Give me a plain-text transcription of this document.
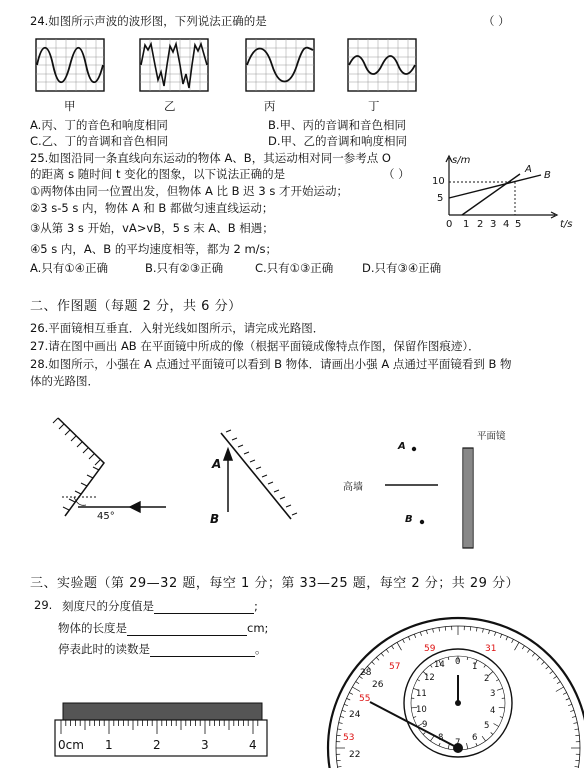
24.如图所示声波的波形图，下列说法正确的是	（ ）
甲	乙	丙	丁
A.丙、丁的音色和响度相同	B.甲、丙的音调和音色相同
C.乙、丁的音调和音色相同	D.甲、乙的音调和响度相同
25.如图沿同一条直线向东运动的物体 A、B，其运动相对同一参考点 O
的距离 s 随时间 t 变化的图象，以下说法正确的是	（ ）
①两物体由同一位置出发，但物体 A 比 B 迟 3 s 才开始运动；
②3 s-5 s 内，物体 A 和 B 都做匀速直线运动；
③从第 3 s 开始，vA>vB，5 s 末 A、B 相遇；
④5 s 内，A、B 的平均速度相等，都为 2 m/s；
A.只有①④正确	B.只有②③正确	C.只有①③正确 D.只有③④正确
s/m
t/s
10
5
0 1 2 3 4 5
A
B
二、作图题（每题 2 分，共 6 分）
26.平面镜相互垂直．入射光线如图所示，请完成光路图．
27.请在图中画出 AB 在平面镜中所成的像（根据平面镜成像特点作图，保留作图痕迹）．
28.如图所示，小强在 A 点通过平面镜可以看到 B 物体．请画出小强 A 点通过平面镜看到 B 物
体的光路图．
45°
A
B
A
B
高墙
平面镜
三、实验题（第 29—32 题，每空 1 分；第 33—25 题，每空 2 分；共 29 分）
29. 刻度尺的分度值是	;
物体的长度是	cm;
停表此时的读数是	。
0cm 1	2	3	4
59	31
57
55
28
26
24
53
22
14 0 1
2
3
4
5
6
7
8
9
10
11
12
